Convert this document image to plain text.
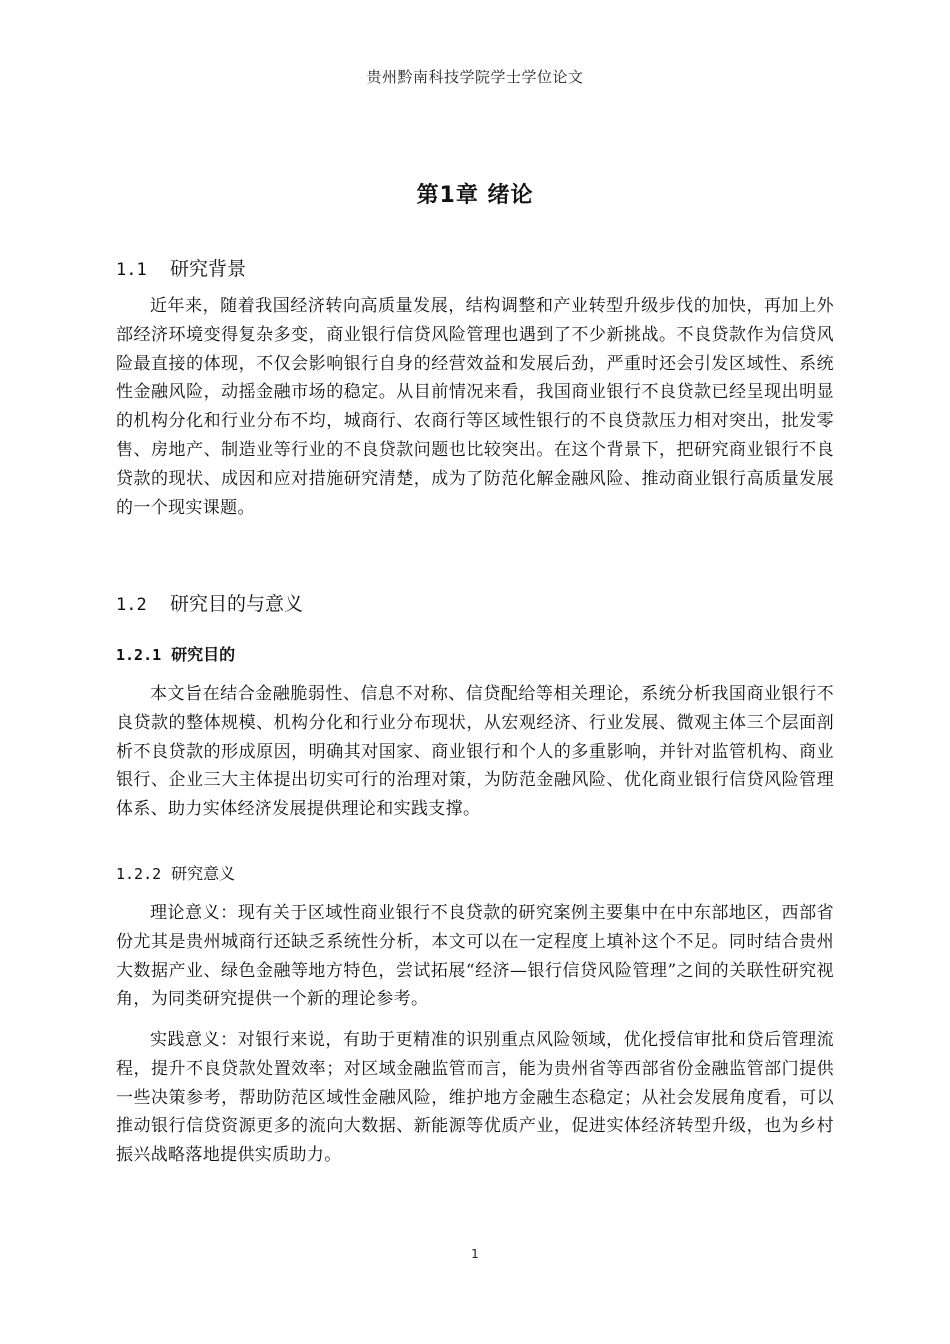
贵州黔南科技学院学士学位论文
第1章 绪论
1.1 研究背景

近年来，随着我国经济转向高质量发展，结构调整和产业转型升级步伐的加快，再加上外部经济环境变得复杂多变，商业银行信贷风险管理也遇到了不少新挑战。不良贷款作为信贷风险最直接的体现，不仅会影响银行自身的经营效益和发展后劲，严重时还会引发区域性、系统性金融风险，动摇金融市场的稳定。从目前情况来看，我国商业银行不良贷款已经呈现出明显的机构分化和行业分布不均，城商行、农商行等区域性银行的不良贷款压力相对突出，批发零售、房地产、制造业等行业的不良贷款问题也比较突出。在这个背景下，把研究商业银行不良贷款的现状、成因和应对措施研究清楚，成为了防范化解金融风险、推动商业银行高质量发展的一个现实课题。

1.2 研究目的与意义
1.2.1 研究目的

本文旨在结合金融脆弱性、信息不对称、信贷配给等相关理论，系统分析我国商业银行不良贷款的整体规模、机构分化和行业分布现状，从宏观经济、行业发展、微观主体三个层面剖析不良贷款的形成原因，明确其对国家、商业银行和个人的多重影响，并针对监管机构、商业银行、企业三大主体提出切实可行的治理对策，为防范金融风险、优化商业银行信贷风险管理体系、助力实体经济发展提供理论和实践支撑。

1.2.2 研究意义

理论意义：现有关于区域性商业银行不良贷款的研究案例主要集中在中东部地区，西部省份尤其是贵州城商行还缺乏系统性分析，本文可以在一定程度上填补这个不足。同时结合贵州大数据产业、绿色金融等地方特色，尝试拓展“经济—银行信贷风险管理”之间的关联性研究视角，为同类研究提供一个新的理论参考。

实践意义：对银行来说，有助于更精准的识别重点风险领域，优化授信审批和贷后管理流程，提升不良贷款处置效率；对区域金融监管而言，能为贵州省等西部省份金融监管部门提供一些决策参考，帮助防范区域性金融风险，维护地方金融生态稳定；从社会发展角度看，可以推动银行信贷资源更多的流向大数据、新能源等优质产业，促进实体经济转型升级，也为乡村振兴战略落地提供实质助力。

1
